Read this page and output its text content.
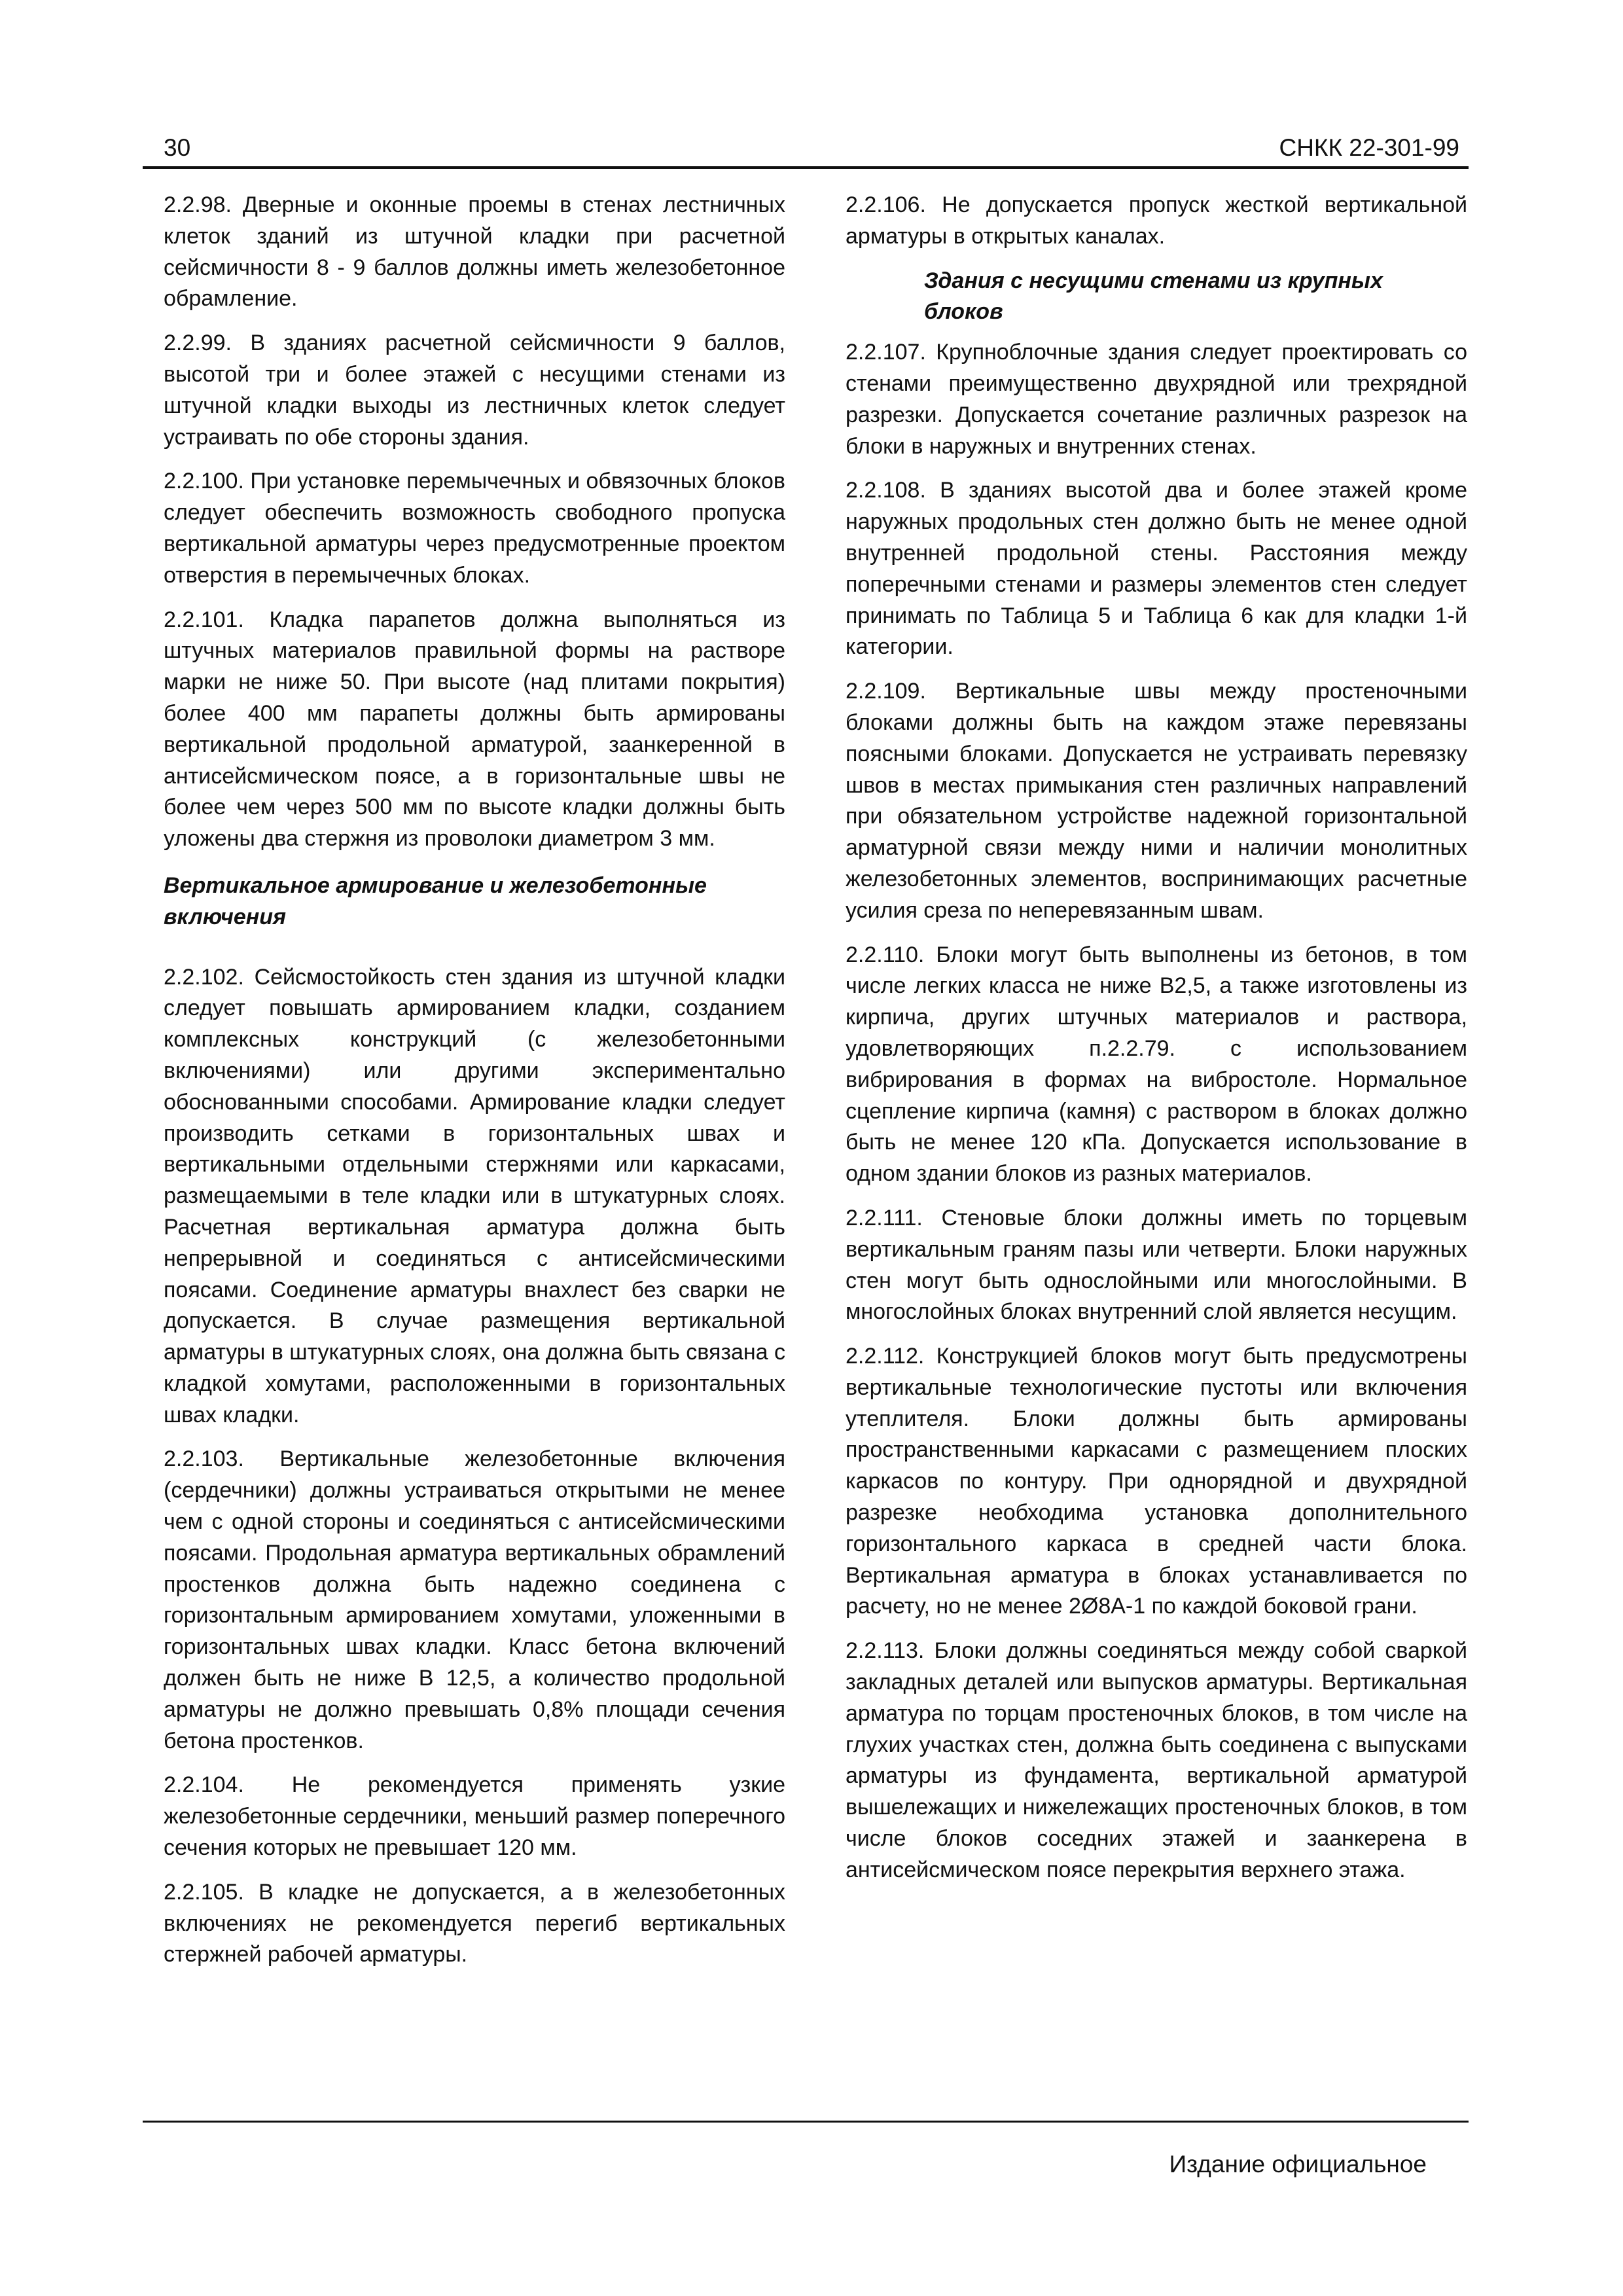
30	СНКК 22-301-99

2.2.98. Дверные и оконные проемы в стенах лестничных клеток зданий из штучной кладки при расчетной сейсмичности 8 - 9 баллов должны иметь железобетонное обрамление.

2.2.99. В зданиях расчетной сейсмичности 9 баллов, высотой три и более этажей с несущими стенами из штучной кладки выходы из лестничных клеток следует устраивать по обе стороны здания.

2.2.100. При установке перемычечных и обвязочных блоков следует обеспечить возможность свободного пропуска вертикальной арматуры через предусмотренные проектом отверстия в перемычечных блоках.

2.2.101. Кладка парапетов должна выполняться из штучных материалов правильной формы на растворе марки не ниже 50. При высоте (над плитами покрытия) более 400 мм парапеты должны быть армированы вертикальной продольной арматурой, заанкеренной в антисейсмическом поясе, а в горизонтальные швы не более чем через 500 мм по высоте кладки должны быть уложены два стержня из проволоки диаметром 3 мм.

Вертикальное армирование и железобетонные включения

2.2.102. Сейсмостойкость стен здания из штучной кладки следует повышать армированием кладки, созданием комплексных конструкций (с железобетонными включениями) или другими экспериментально обоснованными способами. Армирование кладки следует производить сетками в горизонтальных швах и вертикальными отдельными стержнями или каркасами, размещаемыми в теле кладки или в штукатурных слоях. Расчетная вертикальная арматура должна быть непрерывной и соединяться с антисейсмическими поясами. Соединение арматуры внахлест без сварки не допускается. В случае размещения вертикальной арматуры в штукатурных слоях, она должна быть связана с кладкой хомутами, расположенными в горизонтальных швах кладки.

2.2.103. Вертикальные железобетонные включения (сердечники) должны устраиваться открытыми не менее чем с одной стороны и соединяться с антисейсмическими поясами. Продольная арматура вертикальных обрамлений простенков должна быть надежно соединена с горизонтальным армированием хомутами, уложенными в горизонтальных швах кладки. Класс бетона включений должен быть не ниже B 12,5, а количество продольной арматуры не должно превышать 0,8% площади сечения бетона простенков.

2.2.104. Не рекомендуется применять узкие железобетонные сердечники, меньший размер поперечного сечения которых не превышает 120 мм.

2.2.105. В кладке не допускается, а в железобетонных включениях не рекомендуется перегиб вертикальных стержней рабочей арматуры.

2.2.106. Не допускается пропуск жесткой вертикальной арматуры в открытых каналах.

Здания с несущими стенами из крупных блоков

2.2.107. Крупноблочные здания следует проектировать со стенами преимущественно двухрядной или трехрядной разрезки. Допускается сочетание различных разрезок на блоки в наружных и внутренних стенах.

2.2.108. В зданиях высотой два и более этажей кроме наружных продольных стен должно быть не менее одной внутренней продольной стены. Расстояния между поперечными стенами и размеры элементов стен следует принимать по Таблица 5 и Таблица 6 как для кладки 1-й категории.

2.2.109. Вертикальные швы между простеночными блоками должны быть на каждом этаже перевязаны поясными блоками. Допускается не устраивать перевязку швов в местах примыкания стен различных направлений при обязательном устройстве надежной горизонтальной арматурной связи между ними и наличии монолитных железобетонных элементов, воспринимающих расчетные усилия среза по неперевязанным швам.

2.2.110. Блоки могут быть выполнены из бетонов, в том числе легких класса не ниже B2,5, а также изготовлены из кирпича, других штучных материалов и раствора, удовлетворяющих п.2.2.79. с использованием вибрирования в формах на вибростоле. Нормальное сцепление кирпича (камня) с раствором в блоках должно быть не менее 120 кПа. Допускается использование в одном здании блоков из разных материалов.

2.2.111. Стеновые блоки должны иметь по торцевым вертикальным граням пазы или четверти. Блоки наружных стен могут быть однослойными или многослойными. В многослойных блоках внутренний слой является несущим.

2.2.112. Конструкцией блоков могут быть предусмотрены вертикальные технологические пустоты или включения утеплителя. Блоки должны быть армированы пространственными каркасами с размещением плоских каркасов по контуру. При однорядной и двухрядной разрезке необходима установка дополнительного горизонтального каркаса в средней части блока. Вертикальная арматура в блоках устанавливается по расчету, но не менее 2Ø8А-1 по каждой боковой грани.

2.2.113. Блоки должны соединяться между собой сваркой закладных деталей или выпусков арматуры. Вертикальная арматура по торцам простеночных блоков, в том числе на глухих участках стен, должна быть соединена с выпусками арматуры из фундамента, вертикальной арматурой вышележащих и нижележащих простеночных блоков, в том числе блоков соседних этажей и заанкерена в антисейсмическом поясе перекрытия верхнего этажа.

Издание официальное
